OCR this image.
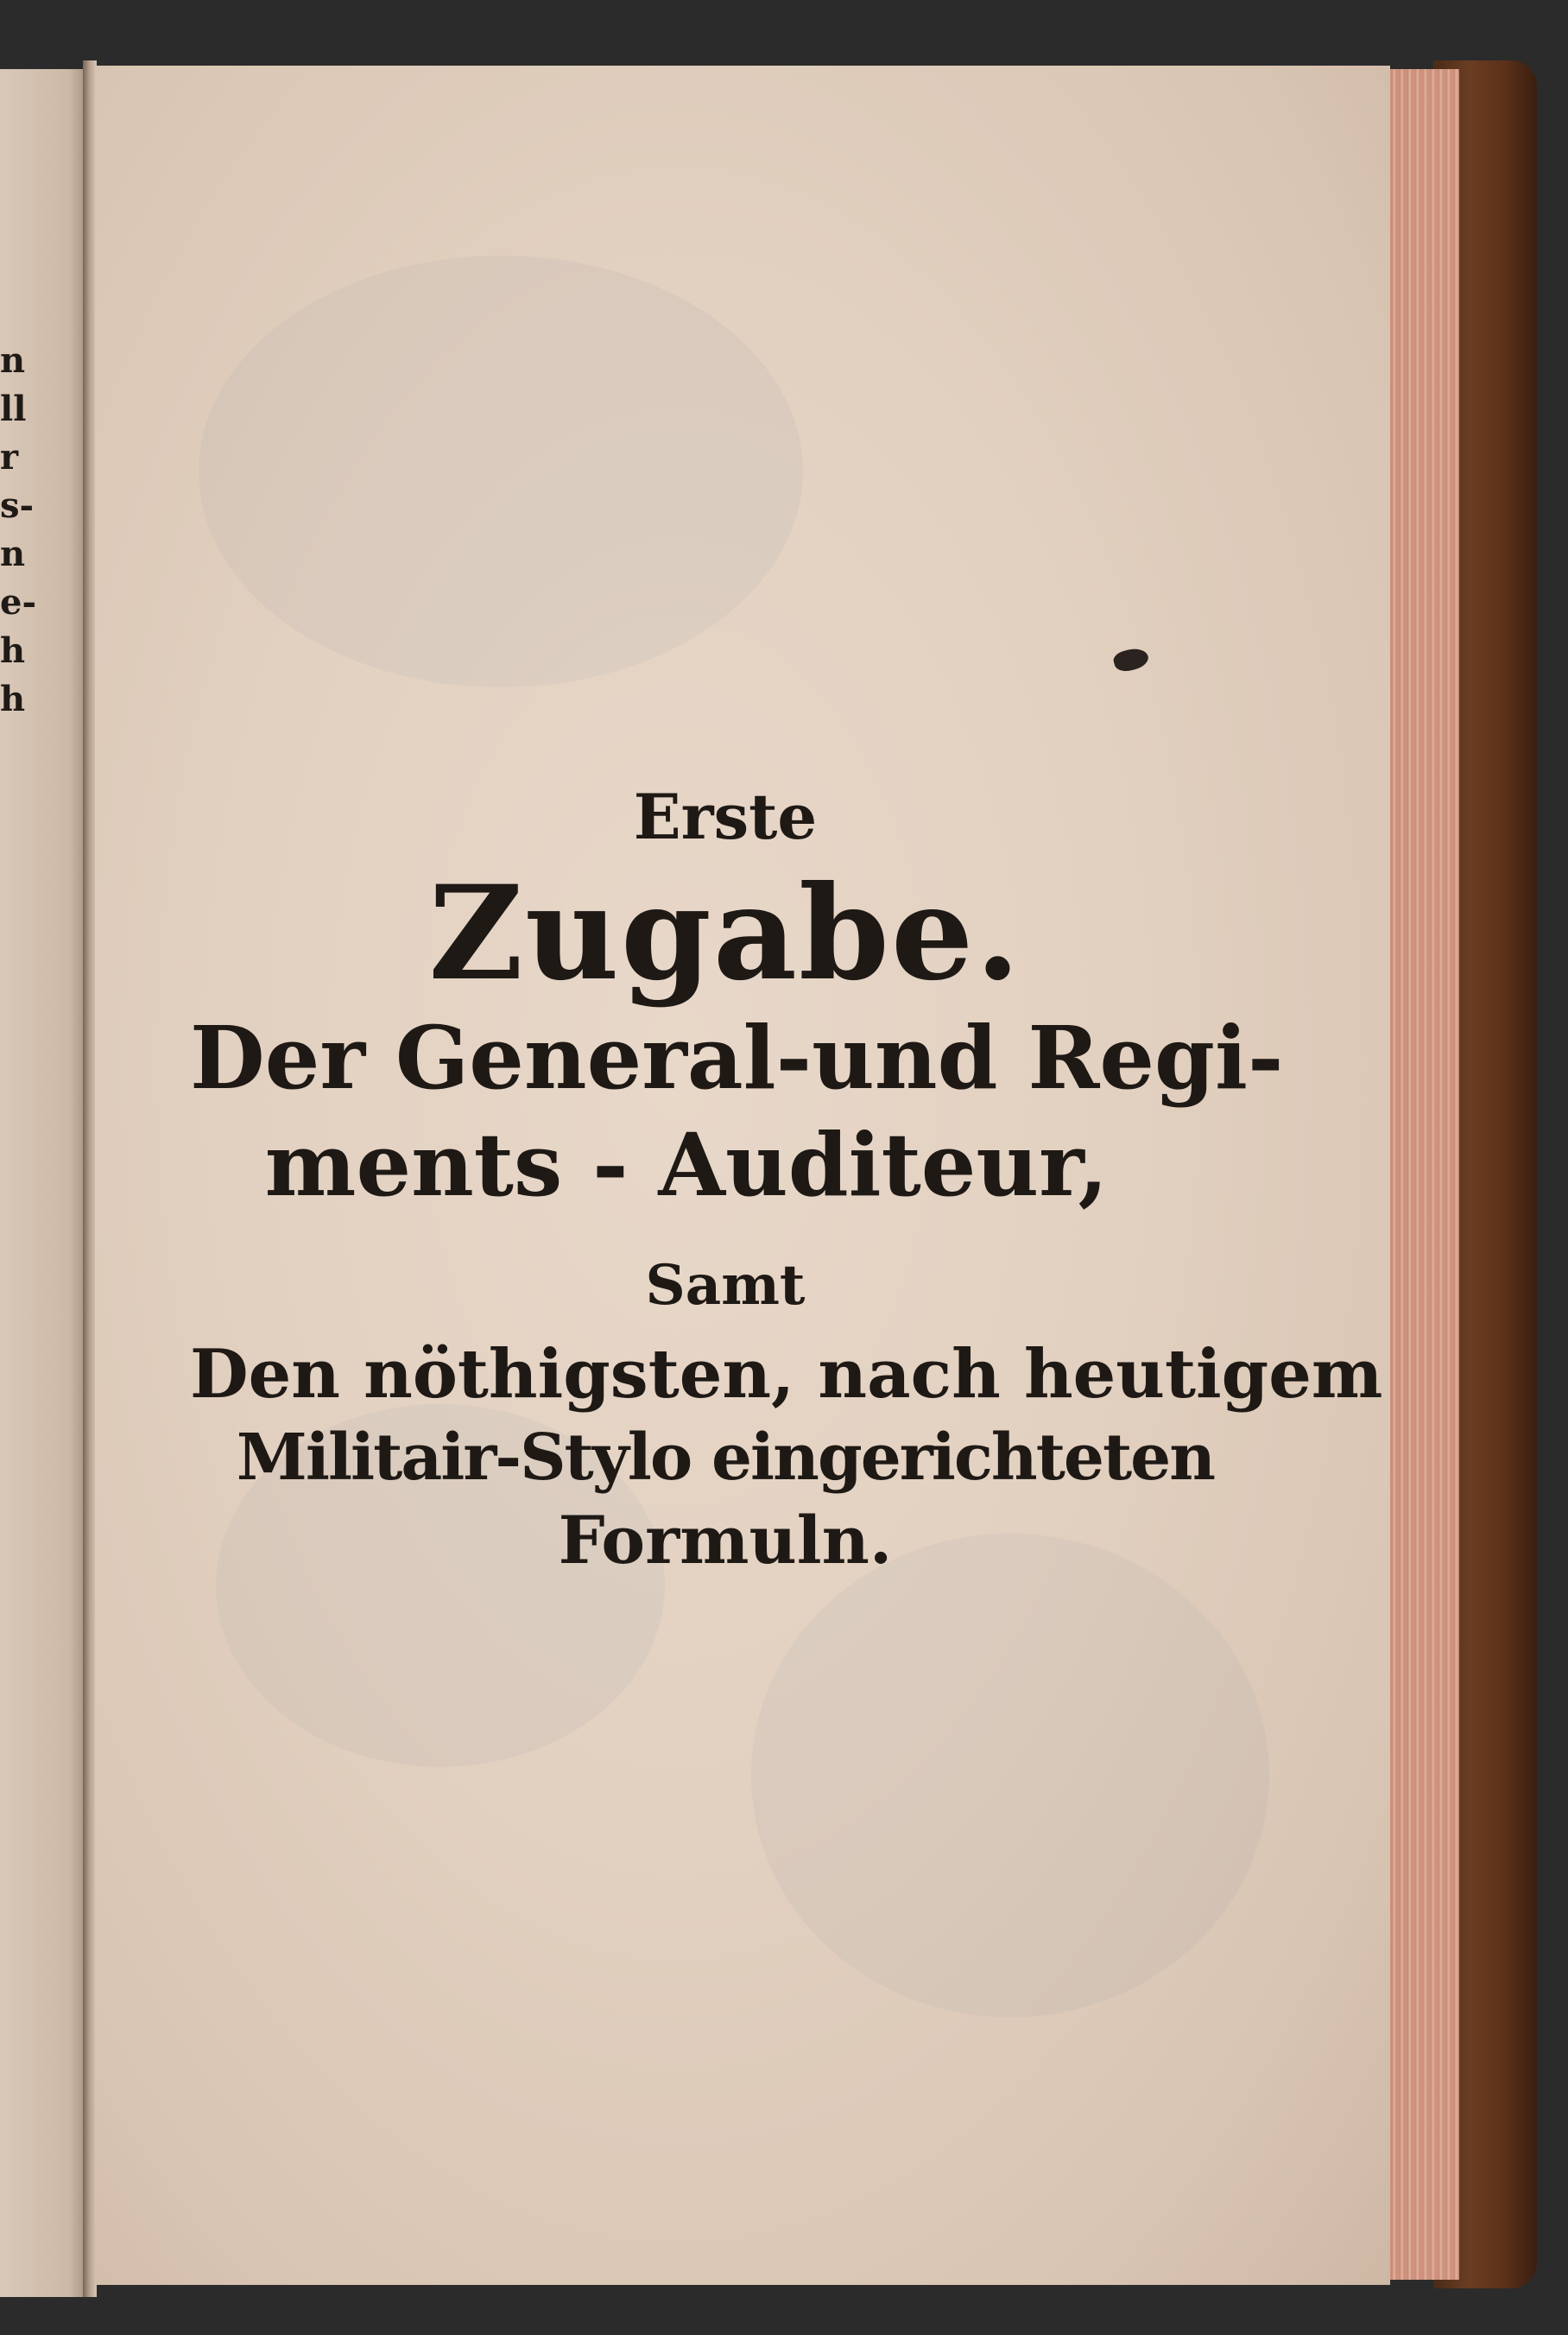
n
ll
r
s-
n
e-
h
h
Erste
Zugabe.
Der General-und Regi-
ments - Auditeur,
Samt
Den nöthigsten, nach heutigem
Militair-Stylo eingerichteten
Formuln.
